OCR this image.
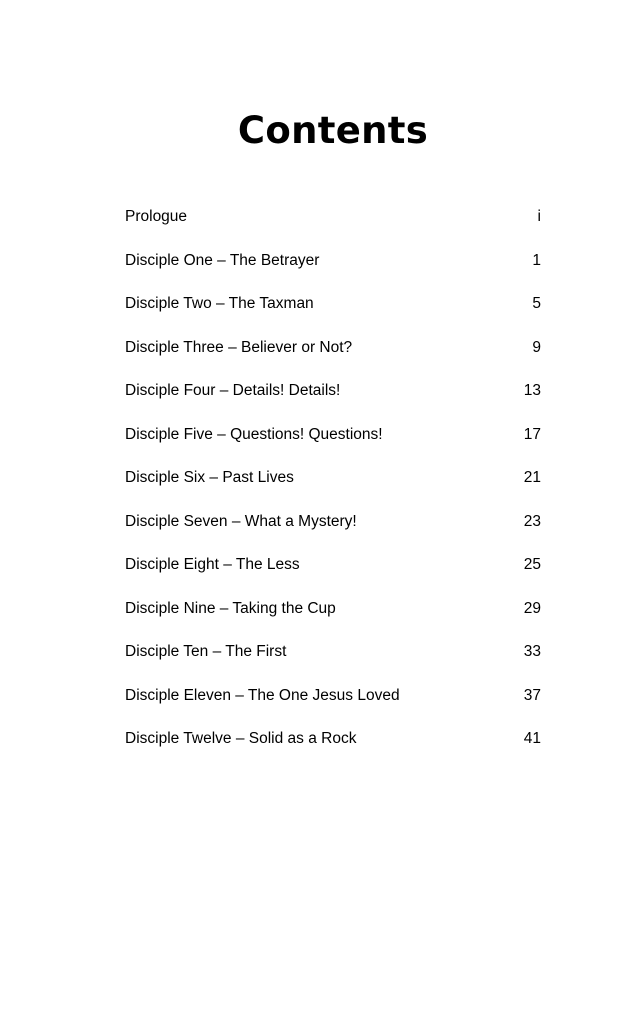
Contents
Prologue	i
Disciple One – The Betrayer	1
Disciple Two – The Taxman	5
Disciple Three – Believer or Not?	9
Disciple Four – Details! Details!	13
Disciple Five – Questions! Questions!	17
Disciple Six – Past Lives	21
Disciple Seven – What a Mystery!	23
Disciple Eight – The Less	25
Disciple Nine – Taking the Cup	29
Disciple Ten – The First	33
Disciple Eleven – The One Jesus Loved	37
Disciple Twelve – Solid as a Rock	41
